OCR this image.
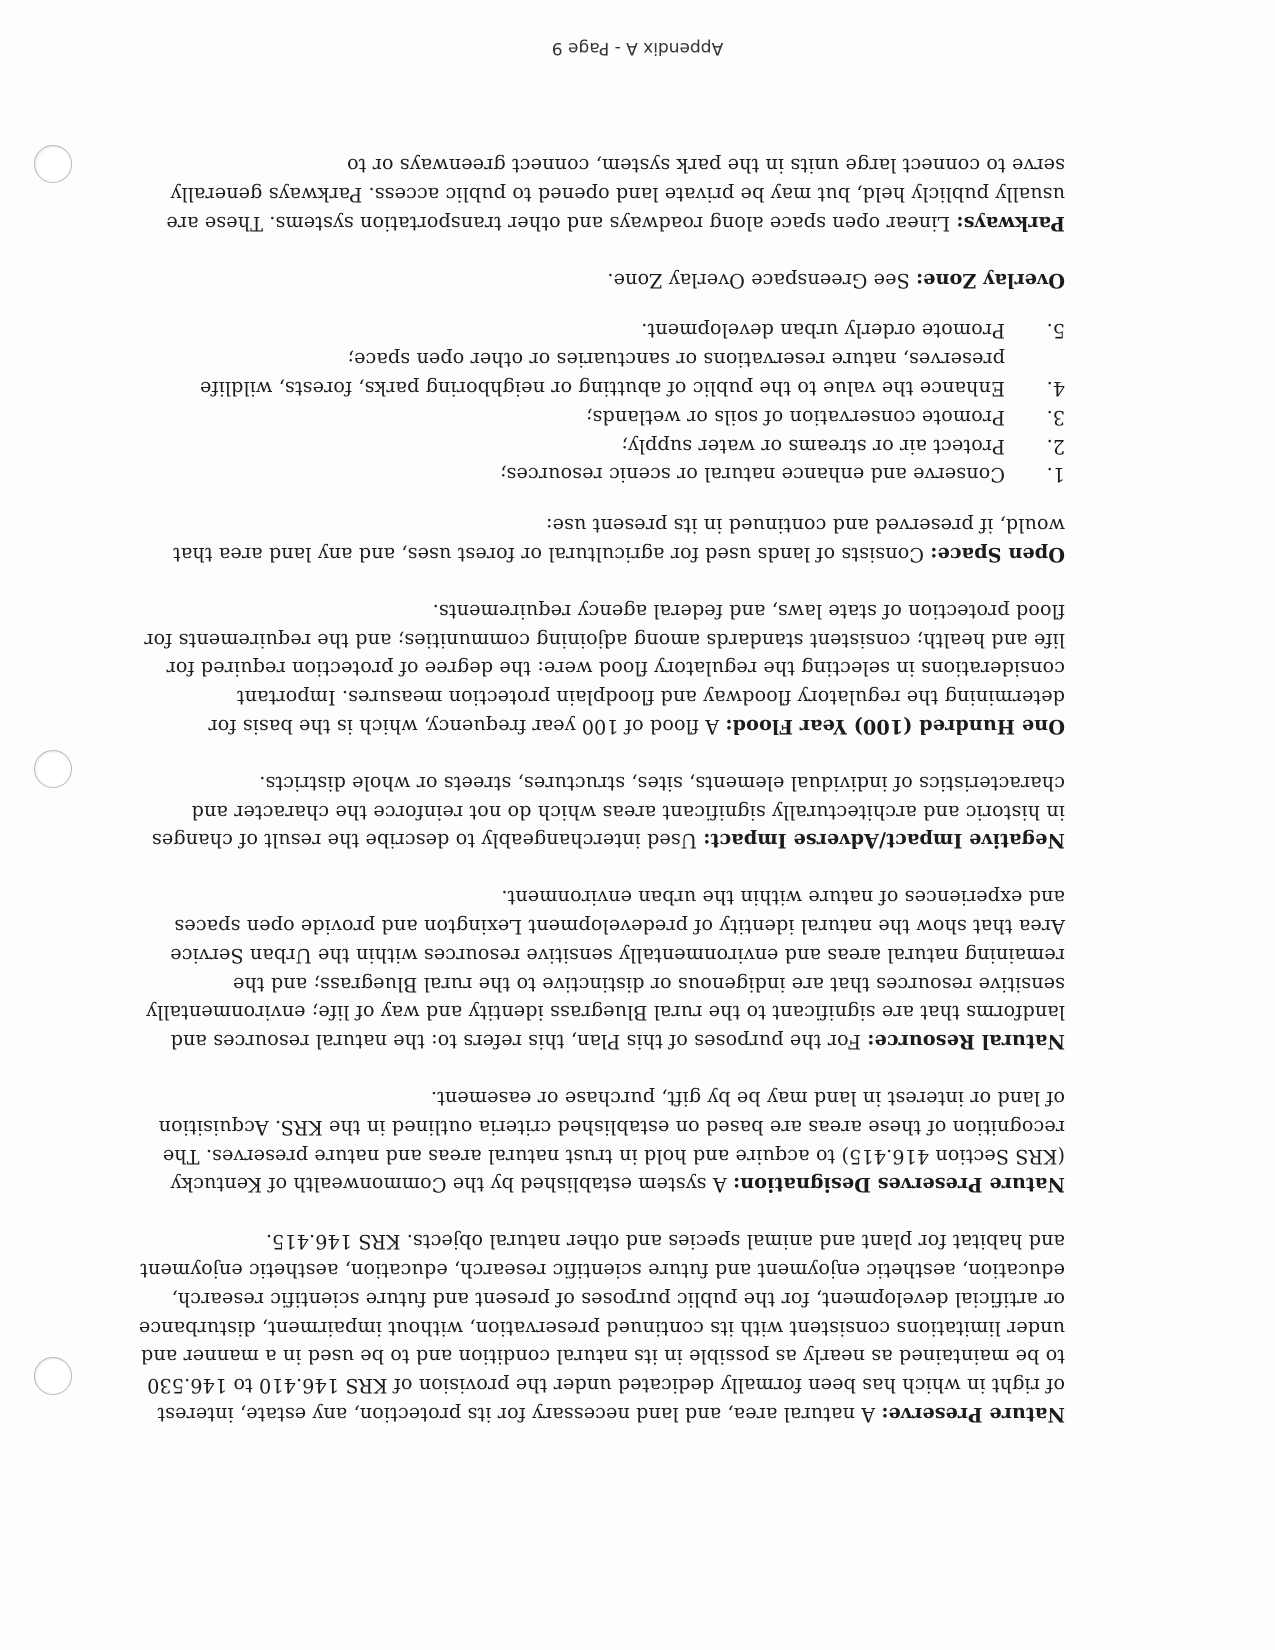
Nature Preserve: A natural area, and land necessary for its protection, any estate, interest of right in which has been formally dedicated under the provision of KRS 146.410 to 146.530 to be maintained as nearly as possible in its natural condition and to be used in a manner and under limitations consistent with its continued preservation, without impairment, disturbance or artificial development, for the public purposes of present and future scientific research, education, aesthetic enjoyment and future scientific research, education, aesthetic enjoyment and habitat for plant and animal species and other natural objects. KRS 146.415.

Nature Preserves Designation: A system established by the Commonwealth of Kentucky (KRS Section 416.415) to acquire and hold in trust natural areas and nature preserves. The recognition of these areas are based on established criteria outlined in the KRS. Acquisition of land or interest in land may be by gift, purchase or easement.

Natural Resource: For the purposes of this Plan, this refers to: the natural resources and landforms that are significant to the rural Bluegrass identity and way of life; environmentally sensitive resources that are indigenous or distinctive to the rural Bluegrass; and the remaining natural areas and environmentally sensitive resources within the Urban Service Area that show the natural identity of predevelopment Lexington and provide open spaces and experiences of nature within the urban environment.

Negative Impact/Adverse Impact: Used interchangeably to describe the result of changes in historic and architecturally significant areas which do not reinforce the character and characteristics of individual elements, sites, structures, streets or whole districts.

One Hundred (100) Year Flood: A flood of 100 year frequency, which is the basis for determining the regulatory floodway and floodplain protection measures. Important considerations in selecting the regulatory flood were: the degree of protection required for life and health; consistent standards among adjoining communities; and the requirements for flood protection of state laws, and federal agency requirements.

Open Space: Consists of lands used for agricultural or forest uses, and any land area that would, if preserved and continued in its present use:

1.
Conserve and enhance natural or scenic resources;
2.
Protect air or streams or water supply;
3.
Promote conservation of soils or wetlands;
4.
Enhance the value to the public of abutting or neighboring parks, forests, wildlife preserves, nature reservations or sanctuaries or other open space;
5.
Promote orderly urban development.

Overlay Zone: See Greenspace Overlay Zone.

Parkways: Linear open space along roadways and other transportation systems. These are usually publicly held, but may be private land opened to public access. Parkways generally serve to connect large units in the park system, connect greenways or to

Appendix A - Page 9
